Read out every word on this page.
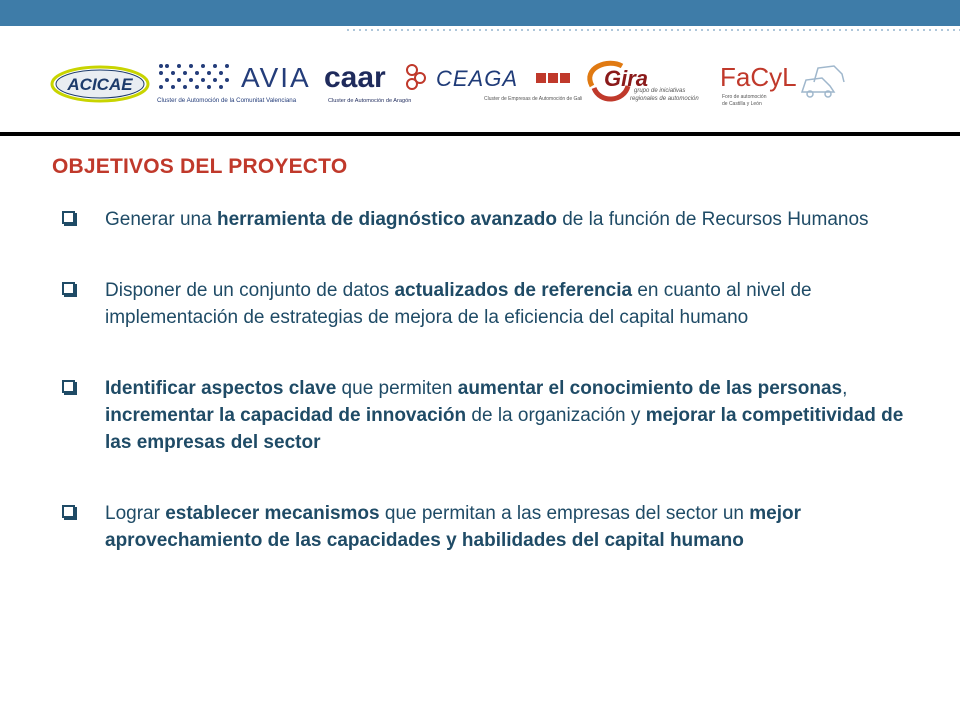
ACICAE	AVIA
Cluster de Automoción de la Comunitat Valenciana
caar
Cluster de Automoción de Aragón
CEAGA
Cluster de Empresas de Automoción de Galicia
Gira
grupo de iniciativas
regionales de automoción
FaCyL
Foro de automoción
de Castilla y León
OBJETIVOS DEL PROYECTO
Generar una herramienta de diagnóstico avanzado de la función de Recursos Humanos
Disponer de un conjunto de datos actualizados de referencia en cuanto al nivel de implementación de estrategias de mejora de la eficiencia del capital humano
Identificar aspectos clave que permiten aumentar el conocimiento de las personas, incrementar la capacidad de innovación de la organización y mejorar la competitividad de las empresas del sector
Lograr establecer mecanismos que permitan a las empresas del sector un mejor aprovechamiento de las capacidades y habilidades del capital humano
